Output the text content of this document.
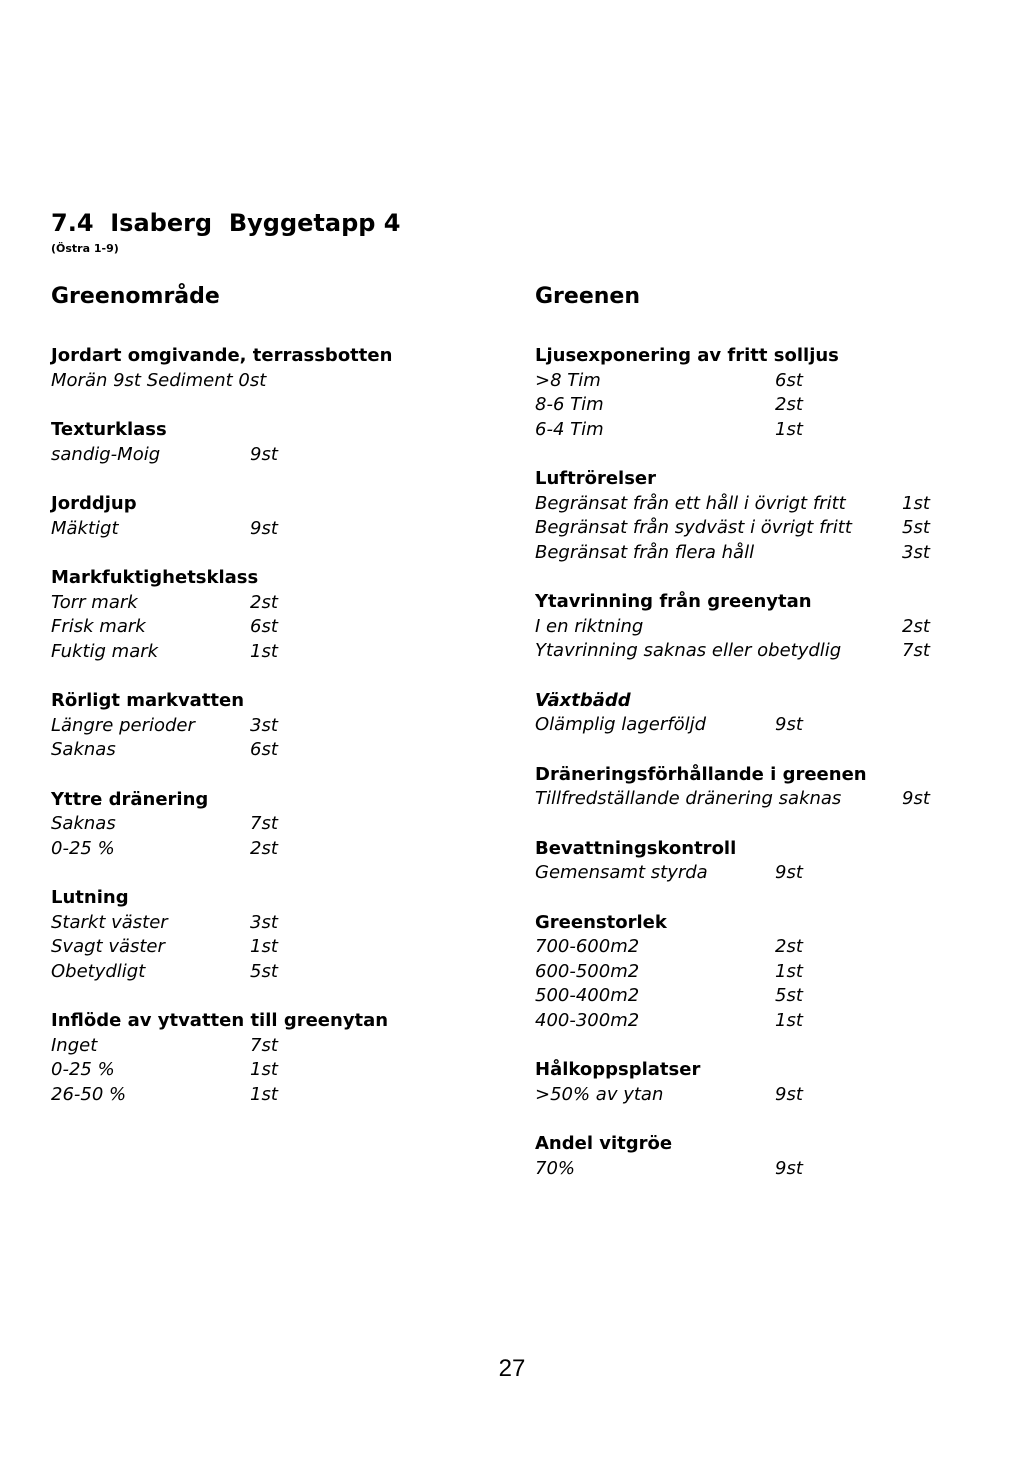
7.4  Isaberg  Byggetapp 4
(Östra 1-9)
Greenområde
Jordart omgivande, terrassbotten
Morän 9st Sediment 0st
Texturklass
sandig-Moig	9st
Jorddjup
Mäktigt	9st
Markfuktighetsklass
Torr mark	2st
Frisk mark	6st
Fuktig mark	1st
Rörligt markvatten
Längre perioder	3st
Saknas	6st
Yttre dränering
Saknas	7st
0-25 %	2st
Lutning
Starkt väster	3st
Svagt väster	1st
Obetydligt	5st
Inflöde av ytvatten till greenytan
Inget	7st
0-25 %	1st
26-50 %	1st
Greenen
Ljusexponering av fritt solljus
>8 Tim	6st
8-6 Tim	2st
6-4 Tim	1st
Luftrörelser
Begränsat från ett håll i övrigt fritt	1st
Begränsat från sydväst i övrigt fritt	5st
Begränsat från flera håll	3st
Ytavrinning från greenytan
I en riktning	2st
Ytavrinning saknas eller obetydlig	7st
Växtbädd
Olämplig lagerföljd	9st
Dräneringsförhållande i greenen
Tillfredställande dränering saknas	9st
Bevattningskontroll
Gemensamt styrda	9st
Greenstorlek
700-600m2	2st
600-500m2	1st
500-400m2	5st
400-300m2	1st
Hålkoppsplatser
>50% av ytan	9st
Andel vitgröe
70%	9st
27
